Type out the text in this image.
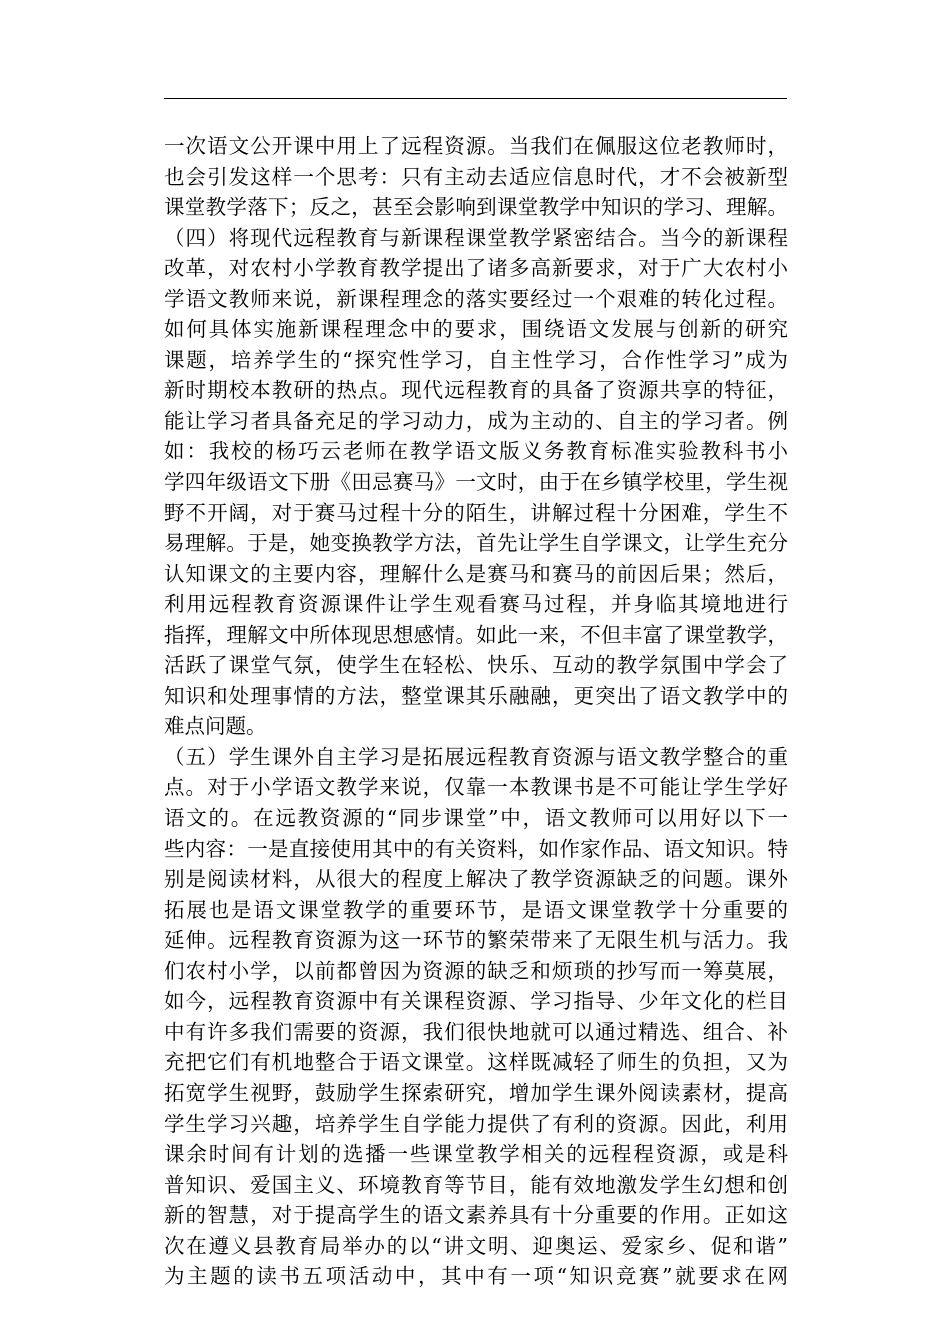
一次语文公开课中用上了远程资源。当我们在佩服这位老教师时，
也会引发这样一个思考：只有主动去适应信息时代，才不会被新型
课堂教学落下；反之，甚至会影响到课堂教学中知识的学习、理解。
（四）将现代远程教育与新课程课堂教学紧密结合。当今的新课程
改革，对农村小学教育教学提出了诸多高新要求，对于广大农村小
学语文教师来说，新课程理念的落实要经过一个艰难的转化过程。
如何具体实施新课程理念中的要求，围绕语文发展与创新的研究
课题，培养学生的“探究性学习，自主性学习，合作性学习”成为
新时期校本教研的热点。现代远程教育的具备了资源共享的特征，
能让学习者具备充足的学习动力，成为主动的、自主的学习者。例
如：我校的杨巧云老师在教学语文版义务教育标准实验教科书小
学四年级语文下册《田忌赛马》一文时，由于在乡镇学校里，学生视
野不开阔，对于赛马过程十分的陌生，讲解过程十分困难，学生不
易理解。于是，她变换教学方法，首先让学生自学课文，让学生充分
认知课文的主要内容，理解什么是赛马和赛马的前因后果；然后，
利用远程教育资源课件让学生观看赛马过程，并身临其境地进行
指挥，理解文中所体现思想感情。如此一来，不但丰富了课堂教学，
活跃了课堂气氛，使学生在轻松、快乐、互动的教学氛围中学会了
知识和处理事情的方法，整堂课其乐融融，更突出了语文教学中的
难点问题。
（五）学生课外自主学习是拓展远程教育资源与语文教学整合的重
点。对于小学语文教学来说，仅靠一本教课书是不可能让学生学好
语文的。在远教资源的“同步课堂”中，语文教师可以用好以下一
些内容：一是直接使用其中的有关资料，如作家作品、语文知识。特
别是阅读材料，从很大的程度上解决了教学资源缺乏的问题。课外
拓展也是语文课堂教学的重要环节，是语文课堂教学十分重要的
延伸。远程教育资源为这一环节的繁荣带来了无限生机与活力。我
们农村小学，以前都曾因为资源的缺乏和烦琐的抄写而一筹莫展，
如今，远程教育资源中有关课程资源、学习指导、少年文化的栏目
中有许多我们需要的资源，我们很快地就可以通过精选、组合、补
充把它们有机地整合于语文课堂。这样既减轻了师生的负担，又为
拓宽学生视野，鼓励学生探索研究，增加学生课外阅读素材，提高
学生学习兴趣，培养学生自学能力提供了有利的资源。因此，利用
课余时间有计划的选播一些课堂教学相关的远程程资源，或是科
普知识、爱国主义、环境教育等节目，能有效地激发学生幻想和创
新的智慧，对于提高学生的语文素养具有十分重要的作用。正如这
次在遵义县教育局举办的以“讲文明、迎奥运、爱家乡、促和谐”
为主题的读书五项活动中，其中有一项“知识竞赛”就要求在网
